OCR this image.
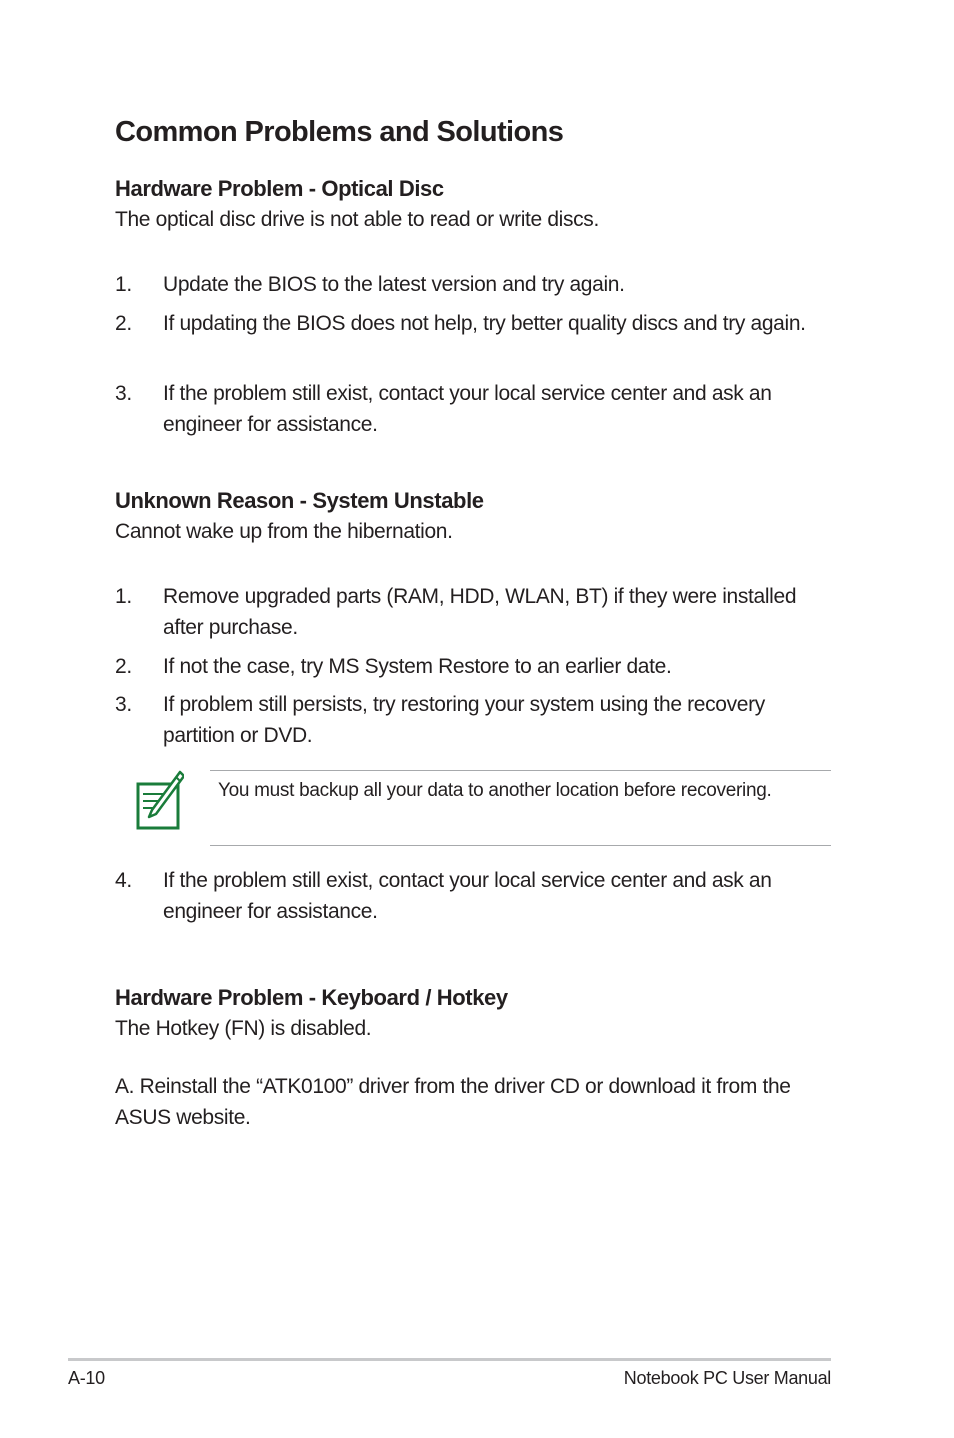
Common Problems and Solutions
Hardware Problem - Optical Disc
The optical disc drive is not able to read or write discs.
1. Update the BIOS to the latest version and try again.
2. If updating the BIOS does not help, try better quality discs and try again.
3. If the problem still exist, contact your local service center and ask an engineer for assistance.
Unknown Reason - System Unstable
Cannot wake up from the hibernation.
1. Remove upgraded parts (RAM, HDD, WLAN, BT) if they were installed after purchase.
2. If not the case, try MS System Restore to an earlier date.
3. If problem still persists, try restoring your system using the recovery partition or DVD.
You must backup all your data to another location before recovering.
4. If the problem still exist, contact your local service center and ask an engineer for assistance.
Hardware Problem - Keyboard / Hotkey
The Hotkey (FN) is disabled.
A. Reinstall the “ATK0100” driver from the driver CD or download it from the ASUS website.
A-10	Notebook PC User Manual
